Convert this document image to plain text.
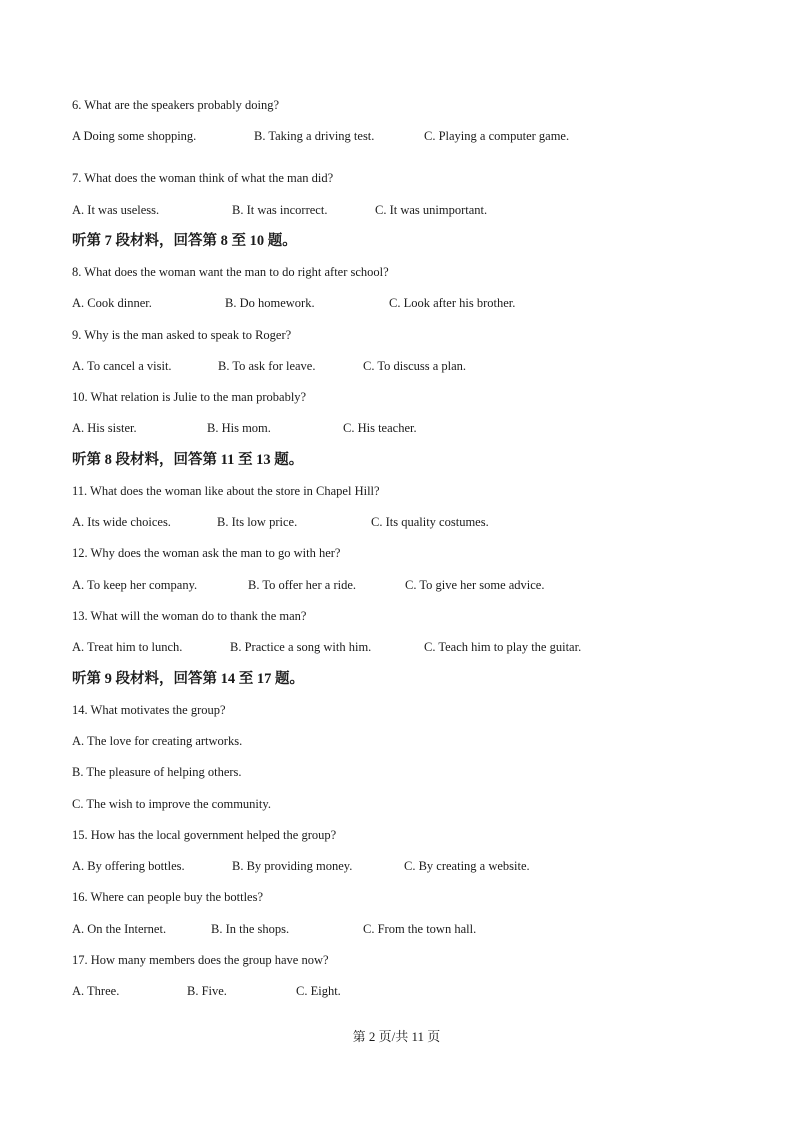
6. What are the speakers probably doing?
A Doing some shopping.	B. Taking a driving test.	C. Playing a computer game.
7. What does the woman think of what the man did?
A. It was useless.	B. It was incorrect.	C. It was unimportant.
听第 7 段材料，回答第 8 至 10 题。
8. What does the woman want the man to do right after school?
A. Cook dinner.	B. Do homework.	C. Look after his brother.
9. Why is the man asked to speak to Roger?
A. To cancel a visit.	B. To ask for leave.	C. To discuss a plan.
10. What relation is Julie to the man probably?
A. His sister.	B. His mom.	C. His teacher.
听第 8 段材料，回答第 11 至 13 题。
11. What does the woman like about the store in Chapel Hill?
A. Its wide choices.	B. Its low price.	C. Its quality costumes.
12. Why does the woman ask the man to go with her?
A. To keep her company.	B. To offer her a ride.	C. To give her some advice.
13. What will the woman do to thank the man?
A. Treat him to lunch.	B. Practice a song with him.	C. Teach him to play the guitar.
听第 9 段材料，回答第 14 至 17 题。
14. What motivates the group?
A. The love for creating artworks.
B. The pleasure of helping others.
C. The wish to improve the community.
15. How has the local government helped the group?
A. By offering bottles.	B. By providing money.	C. By creating a website.
16. Where can people buy the bottles?
A. On the Internet.	B. In the shops.	C. From the town hall.
17. How many members does the group have now?
A. Three.	B. Five.	C. Eight.
第 2 页/共 11 页
